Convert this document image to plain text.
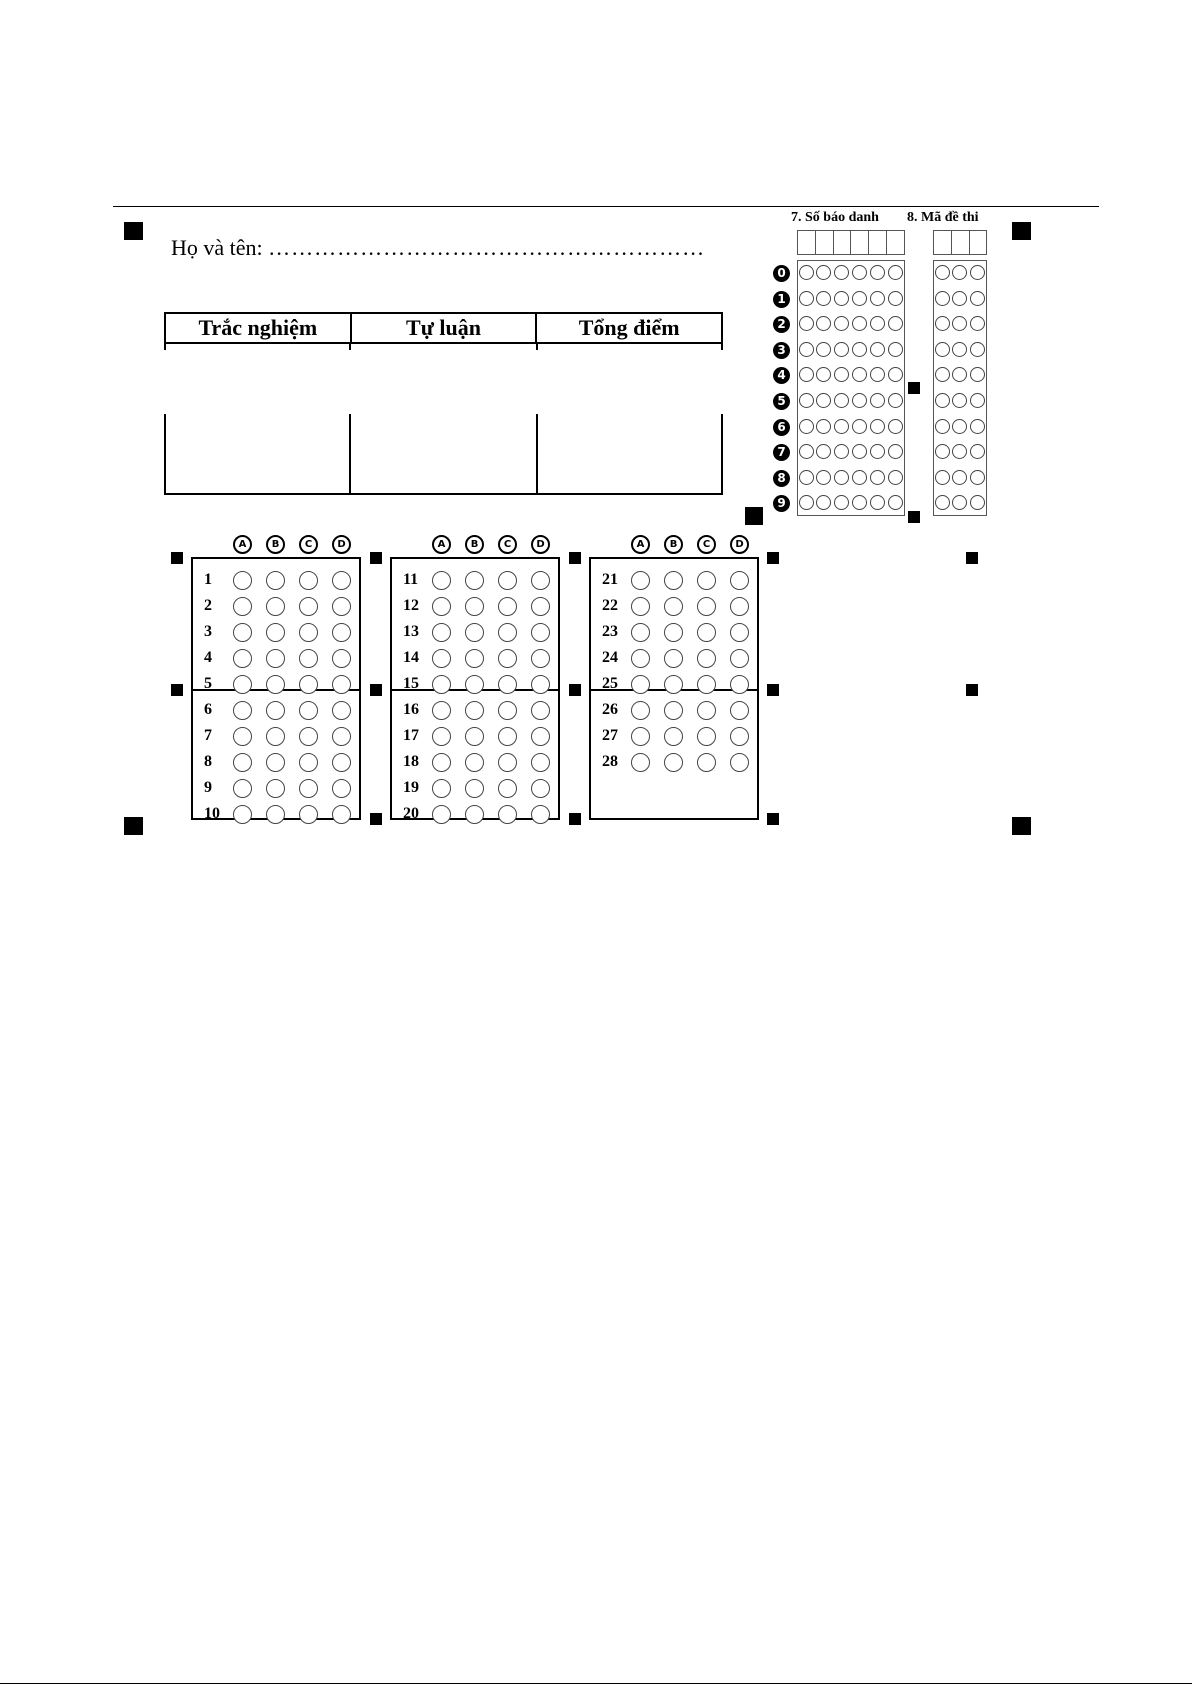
Họ và tên: …………………………………………………
Trắc nghiệm	Tự luận	Tổng điểm
7. Số báo danh 8. Mã đề thi
0
1
2
3
4
5
6
7
8
9
A	B	C	D
1
2
3
4
5
6
7
8
9
10
A	B	C	D
11
12
13
14
15
16
17
18
19
20
A	B	C	D
21
22
23
24
25
26
27
28
